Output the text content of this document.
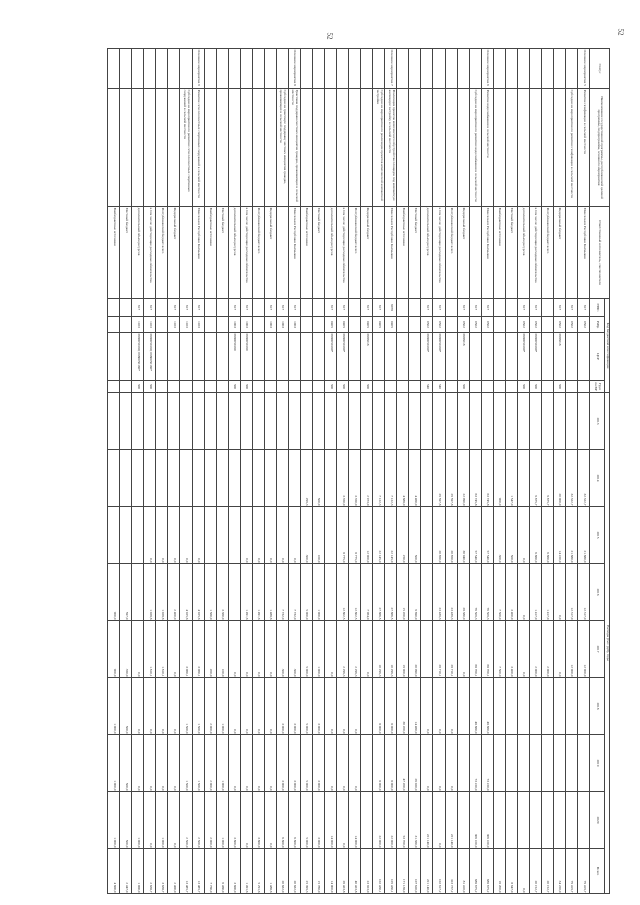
52
52
Статус	Наименование государственной программы, республиканской целевой программы, подпрограммы, основного мероприятия	Ответственный исполнитель, соисполнители	Код бюджетной классификации				Расходы (тыс. руб), годы								
			ГРБС	РзПр	ЦСР	Груп па ВР	2013	2014	2015	2016	2017	2018	2019	2020	Всего
Основное мероприятие 5	Развитие газификации в сельской местности	Минсельхоз Республики Калмыкия	617	0502				32 322,7	21 880,0	12 317,0	12 900,0				79 419,7
	Субсидии на мероприятия по развитию газификации в сельской местности		617	0502				32 322,7	21 880,0	12 317,0	12 900,0				79 419,7
		Федеральный бюджет	617	0502	0985018	500		20 000,0	14 220,0	0,0	0,0				34 220,0
		Республиканский бюджет всего						9 875,7	6 860,0	1 417,0	2 000,0				20 152,7
		в том числе: действующие расходные обязательства	617	0502	0980050180*	500		9 875,7	6 860,0	1 417,0	2 000,0				20 152,7
		дополнительный объем ресурсов	617	0502	0980050180*	500			0,0	0,0	0,0				0,0
		Местный бюджет						1 547,0	500,0	3 400,0	3 400,0				8 847,0
		Внебюджетные источники						900,0	300,0	7 500,0	7 500,0				16 200,0
Основное мероприятие 6	Развитие водоснабжения в сельской местности	Минсельхоз Республики Калмыкия	617	0502				63 745,8	57 540,0	76 509,3	68 700,1	48 860,0	73 220,0	306 100,0	689 675,2
	Субсидии на мероприятия по развитию водоснабжения в сельской местности		617	0502				63 745,8	57 540,0	76 509,3	68 700,1	48 860,0	73 220,0	306 100,0	689 675,2
		Федеральный бюджет	617	0502	0985018	500		22 090,0	30 940,0	28 380,0	0,0				81 410,0
		Республиканский бюджет всего						29 597,8	20 850,0	23 439,3	28 710,1	0,0	0,0	221 140,0	323 737,2
		в том числе: действующие расходные обязательства	617	0502	0980050180*	540		29 597,8	20 850,0	23 439,3	28 710,1	0,0	0,0	0,0	102 617,2
		дополнительный объем ресурсов	617	0502	0980050180*	540						0,0	0,0	221 140,0	221 140,0
		Местный бюджет						4 460,0	500,0	9 690,0	20 090,0	14 460,0	26 020,0	31 360,0	107 620,0
		Внебюджетные источники						4 688,0	250,0	15 200,0	19 900,0	30 200,0	47 200,0	53 700,0	171 138,0
Основное мероприятие 7	Реализация проектов комплексного обустройства площадок под компактную жилищную застройку в сельской местности	Минсельхоз Республики Калмыкия	6078	0405				7 122,3	22 145,0	27 866,5	10 296,3	8 000,0	8 000,0	22 000,0	105 430,1
	Субсидии на мероприятия по реализации проектов комплексной компактной застройки		617	0405				7 122,3	22 145,0	27 866,5	10 296,3	8 000,0	8 000,0	22 000,0	102 430,1
		Федеральный бюджет	617	0405	0985018	500		2 973,0	12 900,0	7 964,0	0,0				23 923,0
		Республиканский бюджет всего						3 350,0	8 775,0	12 802,5	2 296,3	0,0	0,0	14 000,0	40 423,8
		в том числе: действующие расходные обязательства	617	0405	0980050180*	500		3 350,0	8 775,0	12 802,5	2 296,3	0,0	0,0	0,0	26 423,8
		дополнительный объем ресурсов	617	0405	0980050180*	500					0,0	0,0	0,0	14 000,0	14 000,0
		Местный бюджет						500,0	100,0	1 900,0	1 000,0	3 000,0	3 000,0	3 000,0	15 780,0
		Внебюджетные источники						299,3	300,0	5 000,0	5 000,0	5 000,0	5 000,0	5 000,0	25 399,3
Основное мероприятие 8	Грантовая поддержка местных инициатив граждан, проживающих в сельской местности	Минсельхоз Республики Калмыкия	617	1003					0,0	7 732,0	300,0	3 000,0	3 000,0	6 800,0	20 832,0
	Субсидии на грантовую поддержку местных инициатив граждан, проживающих в сельской местности		617	1003					0,0	7 732,0	300,0	3 000,0	3 000,0	6 800,0	20 832,0
		Федеральный бюджет	617	1003					0,0	1 488,6	0,0	0,0	0,0	0,0	1 488,6
		Республиканский бюджет всего							0,0	1 491,6	0,0	0,0	0,0	3 800,0	5 291,6
		в том числе: действующие расходные обязательства	617	1003	0980050180	500			0,0	1 491,6	0,0	0,0	0,0	0,0	1 491,6
		дополнительный объем ресурсов	617	1003	0980050180	500					0,0	0,0	0,0	3 800,0	3 800,0
		Местный бюджет								3 360,0	100,0	1 000,0	1 000,0	1 000,0	6 460,0
		Внебюджетные источники								1 560,0	200,0	2 000,0	2 000,0	2 000,0	7 760,0
Основное мероприятие 9	Развитие сети плоскостных спортивных сооружений в сельской местности	Минсельхоз Республики Калмыкия	617	1103					0,0	4 925,6	3 060,1	1 500,0	1 500,0	2 500,0	13 485,7
	Субсидии на мероприятия по развитию сети плоскостных спортивных сооружений в сельской местности		617	1103					0,0	4 925,6	3 060,1	1 500,0	1 500,0	2 500,0	13 485,7
		Федеральный бюджет	617	1103					0,0	2 400,0	0,0	0,0	0,0	0,0	2 400,0
		Республиканский бюджет всего							0,0	1 028,6	1 810,1	0,0	0,0	1 000,0	3 838,7
		в том числе: действующие расходные обязательства	617	1103	0980050180; 0980050180*	500			0,0	1 028,6	1 810,1	0,0	0,0	0,0	2 838,7
		дополнительный объем ресурсов	617	1103	0980050180; 0980050180*	500					0,0	0,0	0,0	1 000,0	1 000,0
		Местный бюджет								597,0	350,0	500,0	500,0	500,0	2 447,0
		Внебюджетные источники								900,0	900,0	1 000,0	1 000,0	1 000,0	4 800,0
